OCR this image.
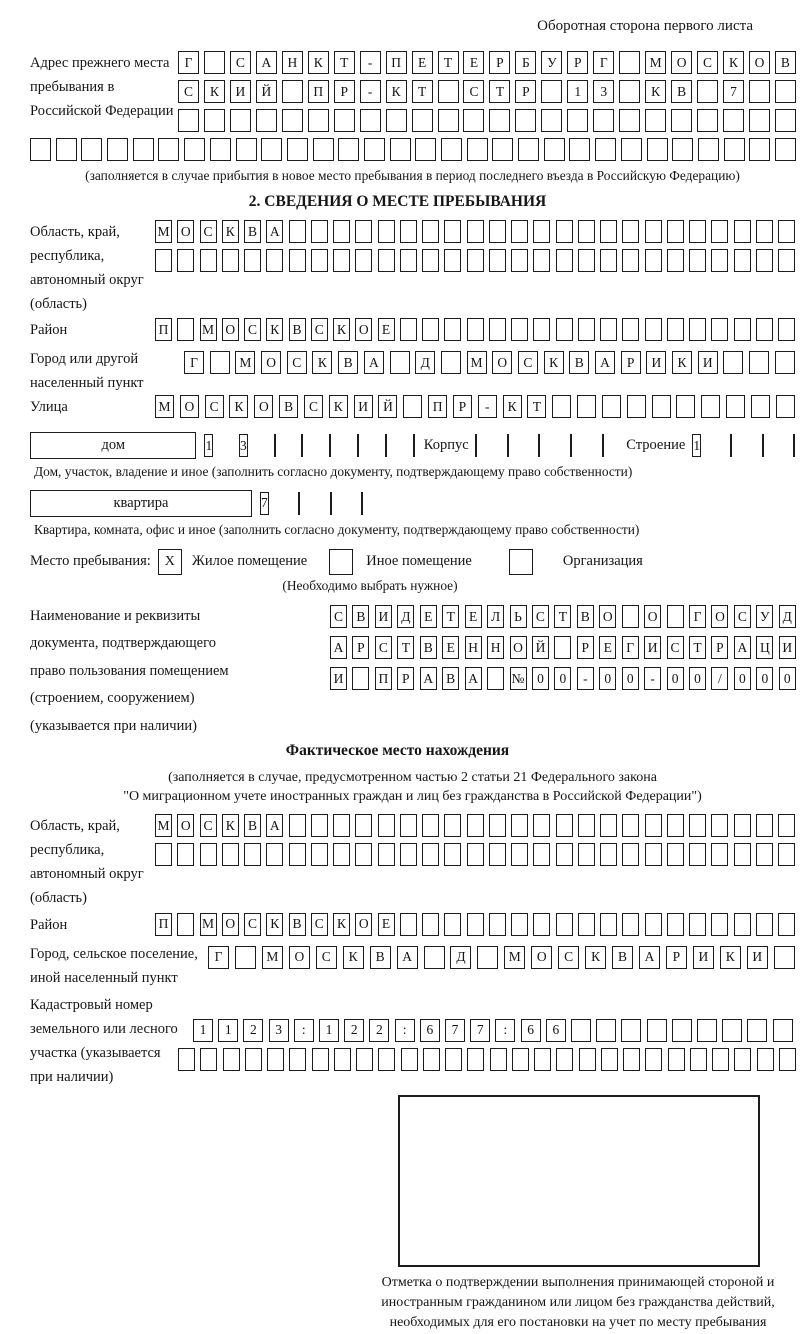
Оборотная сторона первого листа
Адрес прежнего места пребывания в Российской Федерации
Г	С	А	Н	К	Т	-	П	Е	Т	Е	Р	Б	У	Р	Г	М	О	С	К	О	В
С	К	И	Й	П	Р	-	К	Т	С	Т	Р	1	3	К	В	7
(заполняется в случае прибытия в новое место пребывания в период последнего въезда в Российскую Федерацию)
2. СВЕДЕНИЯ О МЕСТЕ ПРЕБЫВАНИЯ
Область, край, республика, автономный округ (область)
М О С К В А
Район	П М О С К В С К О Е
Город или другой населенный пункт
Г	М	О	С	К	В	А	Д	М	О	С	К	В	А	Р	И	К	И
Улица	М	О	С	К	О	В	С	К	И	Й	П	Р	-	К	Т
дом	1 3	Корпус	Строение 1
Дом, участок, владение и иное (заполнить согласно документу, подтверждающему право собственности)
квартира	7
Квартира, комната, офис и иное (заполнить согласно документу, подтверждающему право собственности)
Место пребывания: X	Жилое помещение	Иное помещение	Организация
(Необходимо выбрать нужное)
Наименование и реквизиты документа, подтверждающего право пользования помещением (строением, сооружением) (указывается при наличии)
С В И Д	Е	Т	Е	Л	Ь	С	Т	В О	О	Г	О С У Д
А	Р	С	Т	В	Е Н Н О Й	Р	Е	Г	И С	Т	Р	А Ц И
И	П	Р	А В А № 0	0	-	0	0	-	0	0	/	0	0	0
Фактическое место нахождения
(заполняется в случае, предусмотренном частью 2 статьи 21 Федерального закона
"О миграционном учете иностранных граждан и лиц без гражданства в Российской Федерации")
Область, край, республика, автономный округ (область)
М О С К В А
Район	П М О С К В С К О Е
Город, сельское поселение, иной населенный пункт
Г	М	О	С	К	В	А	Д	М	О	С	К	В	А	Р	И	К	И
Кадастровый номер земельного или лесного участка (указывается при наличии)
1	1	2	3	:	1	2	2	:	6	7	7	:	6	6
Отметка о подтверждении выполнения принимающей стороной и иностранным гражданином или лицом без гражданства действий, необходимых для его постановки на учет по месту пребывания
